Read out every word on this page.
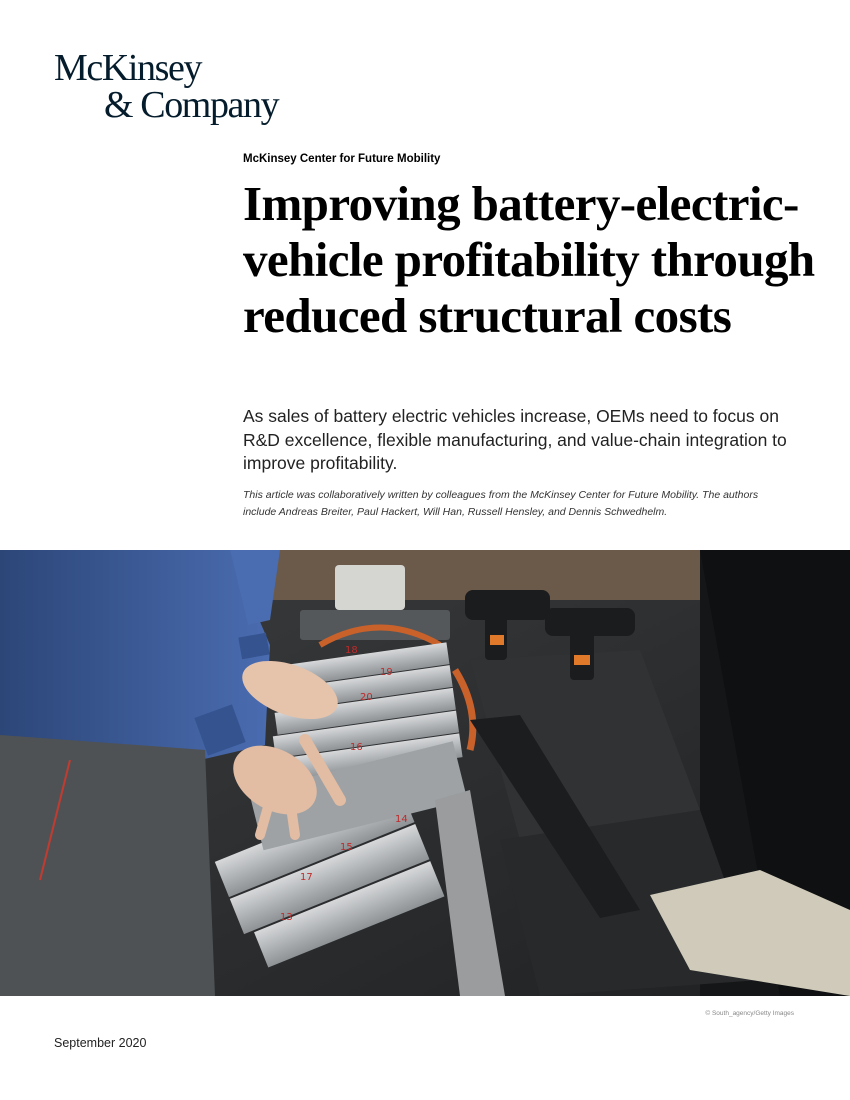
McKinsey
& Company
McKinsey Center for Future Mobility
Improving battery-electric-vehicle profitability through reduced structural costs

As sales of battery electric vehicles increase, OEMs need to focus on R&D excellence, flexible manufacturing, and value-chain integration to improve profitability.

This article was collaboratively written by colleagues from the McKinsey Center for Future Mobility. The authors include Andreas Breiter, Paul Hackert, Will Han, Russell Hensley, and Dennis Schwedhelm.

18
19
20
16
14
15
17
13
© South_agency/Getty Images
September 2020
